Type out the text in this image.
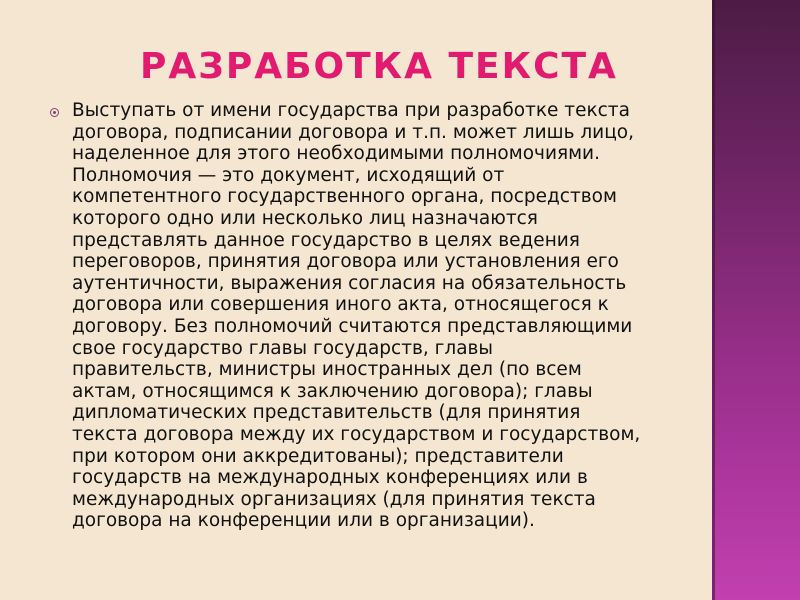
РАЗРАБОТКА ТЕКСТА

Выступать от имени государства при разработке текста
договора, подписании договора и т.п. может лишь лицо,
наделенное для этого необходимыми полномочиями.
Полномочия — это документ, исходящий от
компетентного государственного органа, посредством
которого одно или несколько лиц назначаются
представлять данное государство в целях ведения
переговоров, принятия договора или установления его
аутентичности, выражения согласия на обязательность
договора или совершения иного акта, относящегося к
договору. Без полномочий считаются представляющими
свое государство главы государств, главы
правительств, министры иностранных дел (по всем
актам, относящимся к заключению договора); главы
дипломатических представительств (для принятия
текста договора между их государством и государством,
при котором они аккредитованы); представители
государств на международных конференциях или в
международных организациях (для принятия текста
договора на конференции или в организации).
